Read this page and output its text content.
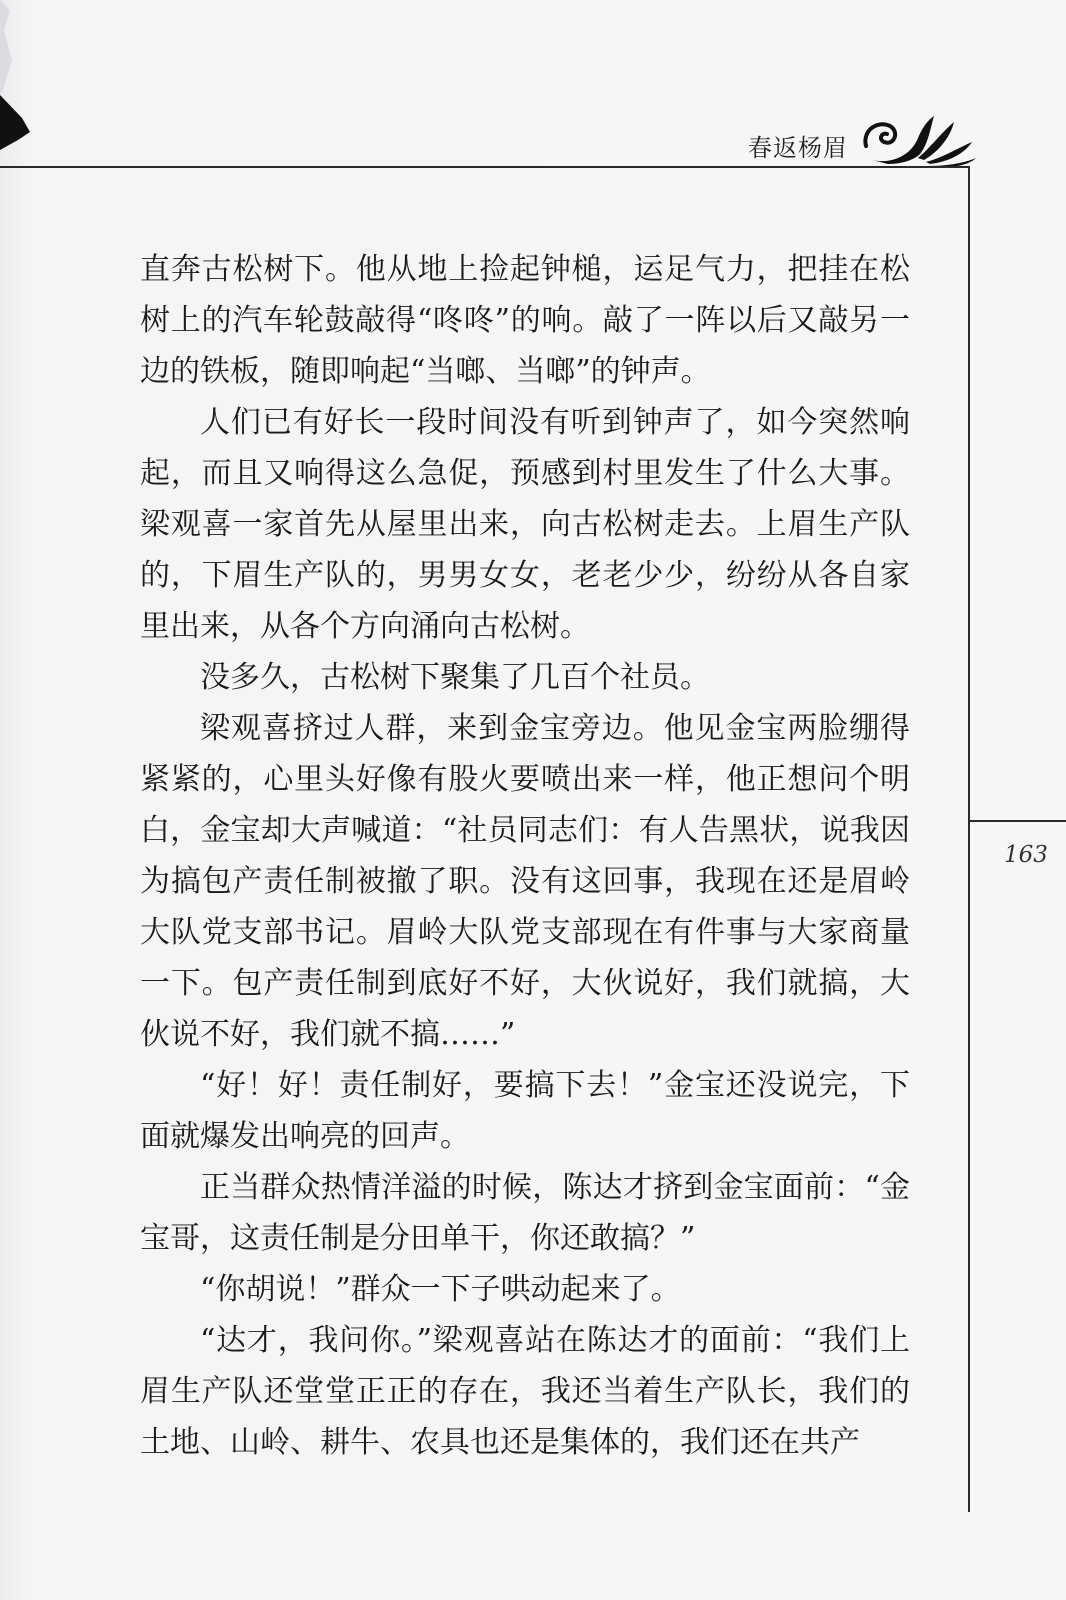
春返杨眉
163

直奔古松树下。他从地上捡起钟槌，运足气力，把挂在松树上的汽车轮鼓敲得“咚咚”的响。敲了一阵以后又敲另一边的铁板，随即响起“当啷、当啷”的钟声。

人们已有好长一段时间没有听到钟声了，如今突然响起，而且又响得这么急促，预感到村里发生了什么大事。梁观喜一家首先从屋里出来，向古松树走去。上眉生产队的，下眉生产队的，男男女女，老老少少，纷纷从各自家里出来，从各个方向涌向古松树。

没多久，古松树下聚集了几百个社员。

梁观喜挤过人群，来到金宝旁边。他见金宝两脸绷得紧紧的，心里头好像有股火要喷出来一样，他正想问个明白，金宝却大声喊道：“社员同志们：有人告黑状，说我因为搞包产责任制被撤了职。没有这回事，我现在还是眉岭大队党支部书记。眉岭大队党支部现在有件事与大家商量一下。包产责任制到底好不好，大伙说好，我们就搞，大伙说不好，我们就不搞……”

“好！好！责任制好，要搞下去！”金宝还没说完，下面就爆发出响亮的回声。

正当群众热情洋溢的时候，陈达才挤到金宝面前：“金宝哥，这责任制是分田单干，你还敢搞？”

“你胡说！”群众一下子哄动起来了。

“达才，我问你。”梁观喜站在陈达才的面前：“我们上眉生产队还堂堂正正的存在，我还当着生产队长，我们的土地、山岭、耕牛、农具也还是集体的，我们还在共产
